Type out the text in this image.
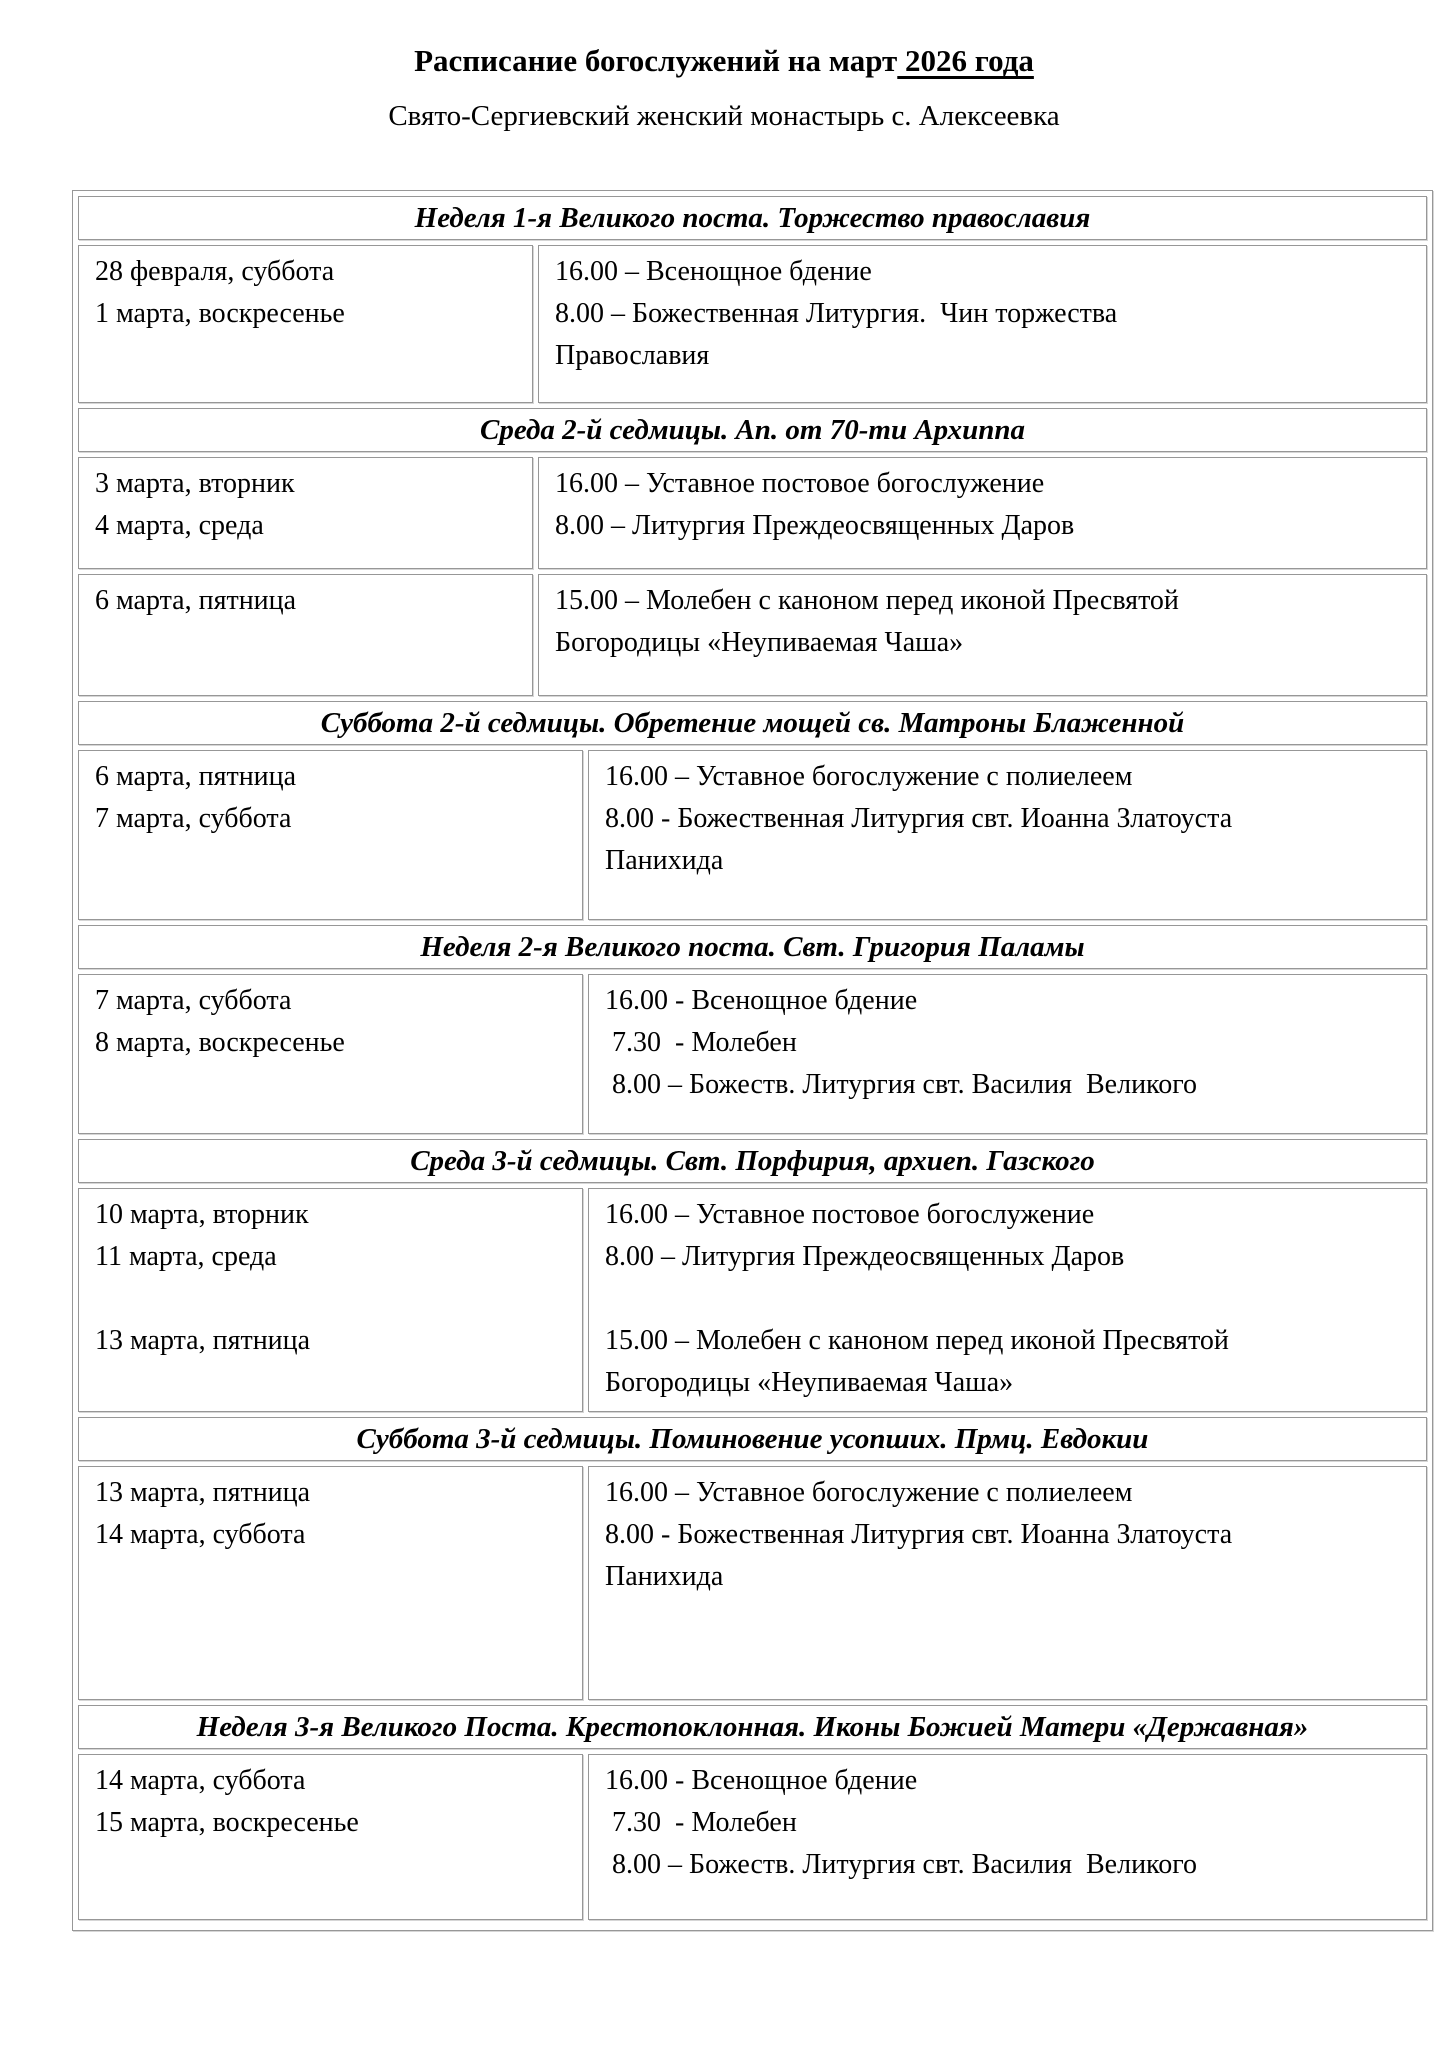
Расписание богослужений на март 2026 года
Свято-Сергиевский женский монастырь с. Алексеевка
Неделя 1-я Великого поста. Торжество православия
28 февраля, суббота
1 марта, воскресенье
16.00 – Всенощное бдение
8.00 – Божественная Литургия.  Чин торжества
Православия
Среда 2-й седмицы. Ап. от 70-ти Архиппа
3 марта, вторник
4 марта, среда
16.00 – Уставное постовое богослужение
8.00 – Литургия Преждеосвященных Даров
6 марта, пятница	15.00 – Молебен с каноном перед иконой Пресвятой
Богородицы «Неупиваемая Чаша»
Суббота 2-й седмицы. Обретение мощей св. Матроны Блаженной
6 марта, пятница
7 марта, суббота
16.00 – Уставное богослужение с полиелеем
8.00 - Божественная Литургия свт. Иоанна Златоуста
Панихида
Неделя 2-я Великого поста. Свт. Григория Паламы
7 марта, суббота
8 марта, воскресенье
16.00 - Всенощное бдение
7.30  - Молебен
8.00 – Божеств. Литургия свт. Василия  Великого
Среда 3-й седмицы. Свт. Порфирия, архиеп. Газского
10 марта, вторник
11 марта, среда

13 марта, пятница
16.00 – Уставное постовое богослужение
8.00 – Литургия Преждеосвященных Даров

15.00 – Молебен с каноном перед иконой Пресвятой
Богородицы «Неупиваемая Чаша»
Суббота 3-й седмицы. Поминовение усопших. Прмц. Евдокии
13 марта, пятница
14 марта, суббота
16.00 – Уставное богослужение с полиелеем
8.00 - Божественная Литургия свт. Иоанна Златоуста
Панихида
Неделя 3-я Великого Поста. Крестопоклонная. Иконы Божией Матери «Державная»
14 марта, суббота
15 марта, воскресенье
16.00 - Всенощное бдение
7.30  - Молебен
8.00 – Божеств. Литургия свт. Василия  Великого
